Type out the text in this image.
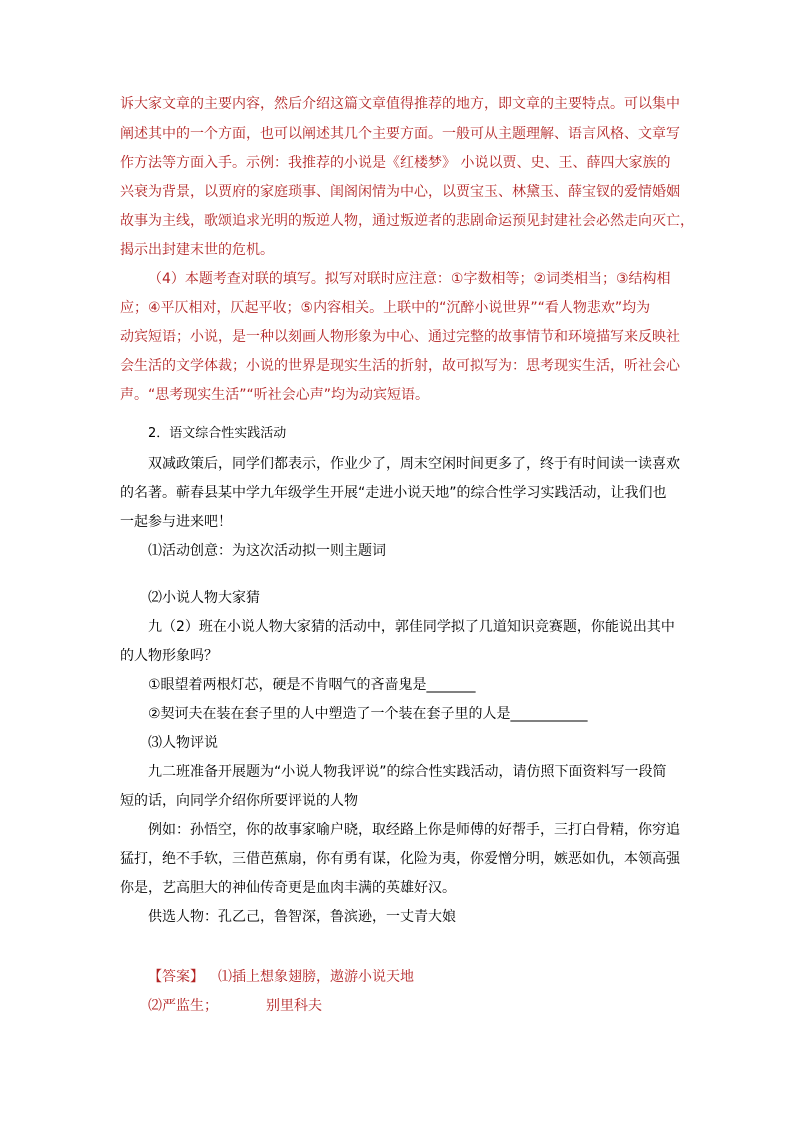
诉大家文章的主要内容，然后介绍这篇文章值得推荐的地方，即文章的主要特点。可以集中
阐述其中的一个方面，也可以阐述其几个主要方面。一般可从主题理解、语言风格、文章写
作方法等方面入手。示例：我推荐的小说是《红楼梦》 小说以贾、史、王、薛四大家族的
兴衰为背景，以贾府的家庭琐事、闺阁闲情为中心，以贾宝玉、林黛玉、薛宝钗的爱情婚姻
故事为主线，歌颂追求光明的叛逆人物，通过叛逆者的悲剧命运预见封建社会必然走向灭亡，
揭示出封建末世的危机。
（4）本题考查对联的填写。拟写对联时应注意：①字数相等；②词类相当；③结构相
应；④平仄相对，仄起平收；⑤内容相关。上联中的“沉醉小说世界”“看人物悲欢”均为
动宾短语；小说，是一种以刻画人物形象为中心、通过完整的故事情节和环境描写来反映社
会生活的文学体裁；小说的世界是现实生活的折射，故可拟写为：思考现实生活，听社会心
声。“思考现实生活”“听社会心声”均为动宾短语。
2．语文综合性实践活动
双减政策后，同学们都表示，作业少了，周末空闲时间更多了，终于有时间读一读喜欢
的名著。蕲春县某中学九年级学生开展“走进小说天地”的综合性学习实践活动，让我们也
一起参与进来吧！
⑴活动创意：为这次活动拟一则主题词
⑵小说人物大家猜
九（2）班在小说人物大家猜的活动中，郭佳同学拟了几道知识竞赛题，你能说出其中
的人物形象吗？
①眼望着两根灯芯，硬是不肯咽气的吝啬鬼是_______
②契诃夫在装在套子里的人中塑造了一个装在套子里的人是___________
⑶人物评说
九二班准备开展题为“小说人物我评说”的综合性实践活动，请仿照下面资料写一段简
短的话，向同学介绍你所要评说的人物
例如：孙悟空，你的故事家喻户晓，取经路上你是师傅的好帮手，三打白骨精，你穷追
猛打，绝不手软，三借芭蕉扇，你有勇有谋，化险为夷，你爱憎分明，嫉恶如仇，本领高强
你是，艺高胆大的神仙传奇更是血肉丰满的英雄好汉。
供选人物：孔乙己，鲁智深，鲁滨逊，一丈青大娘
【答案】 ⑴插上想象翅膀，遨游小说天地
⑵严监生；	别里科夫
